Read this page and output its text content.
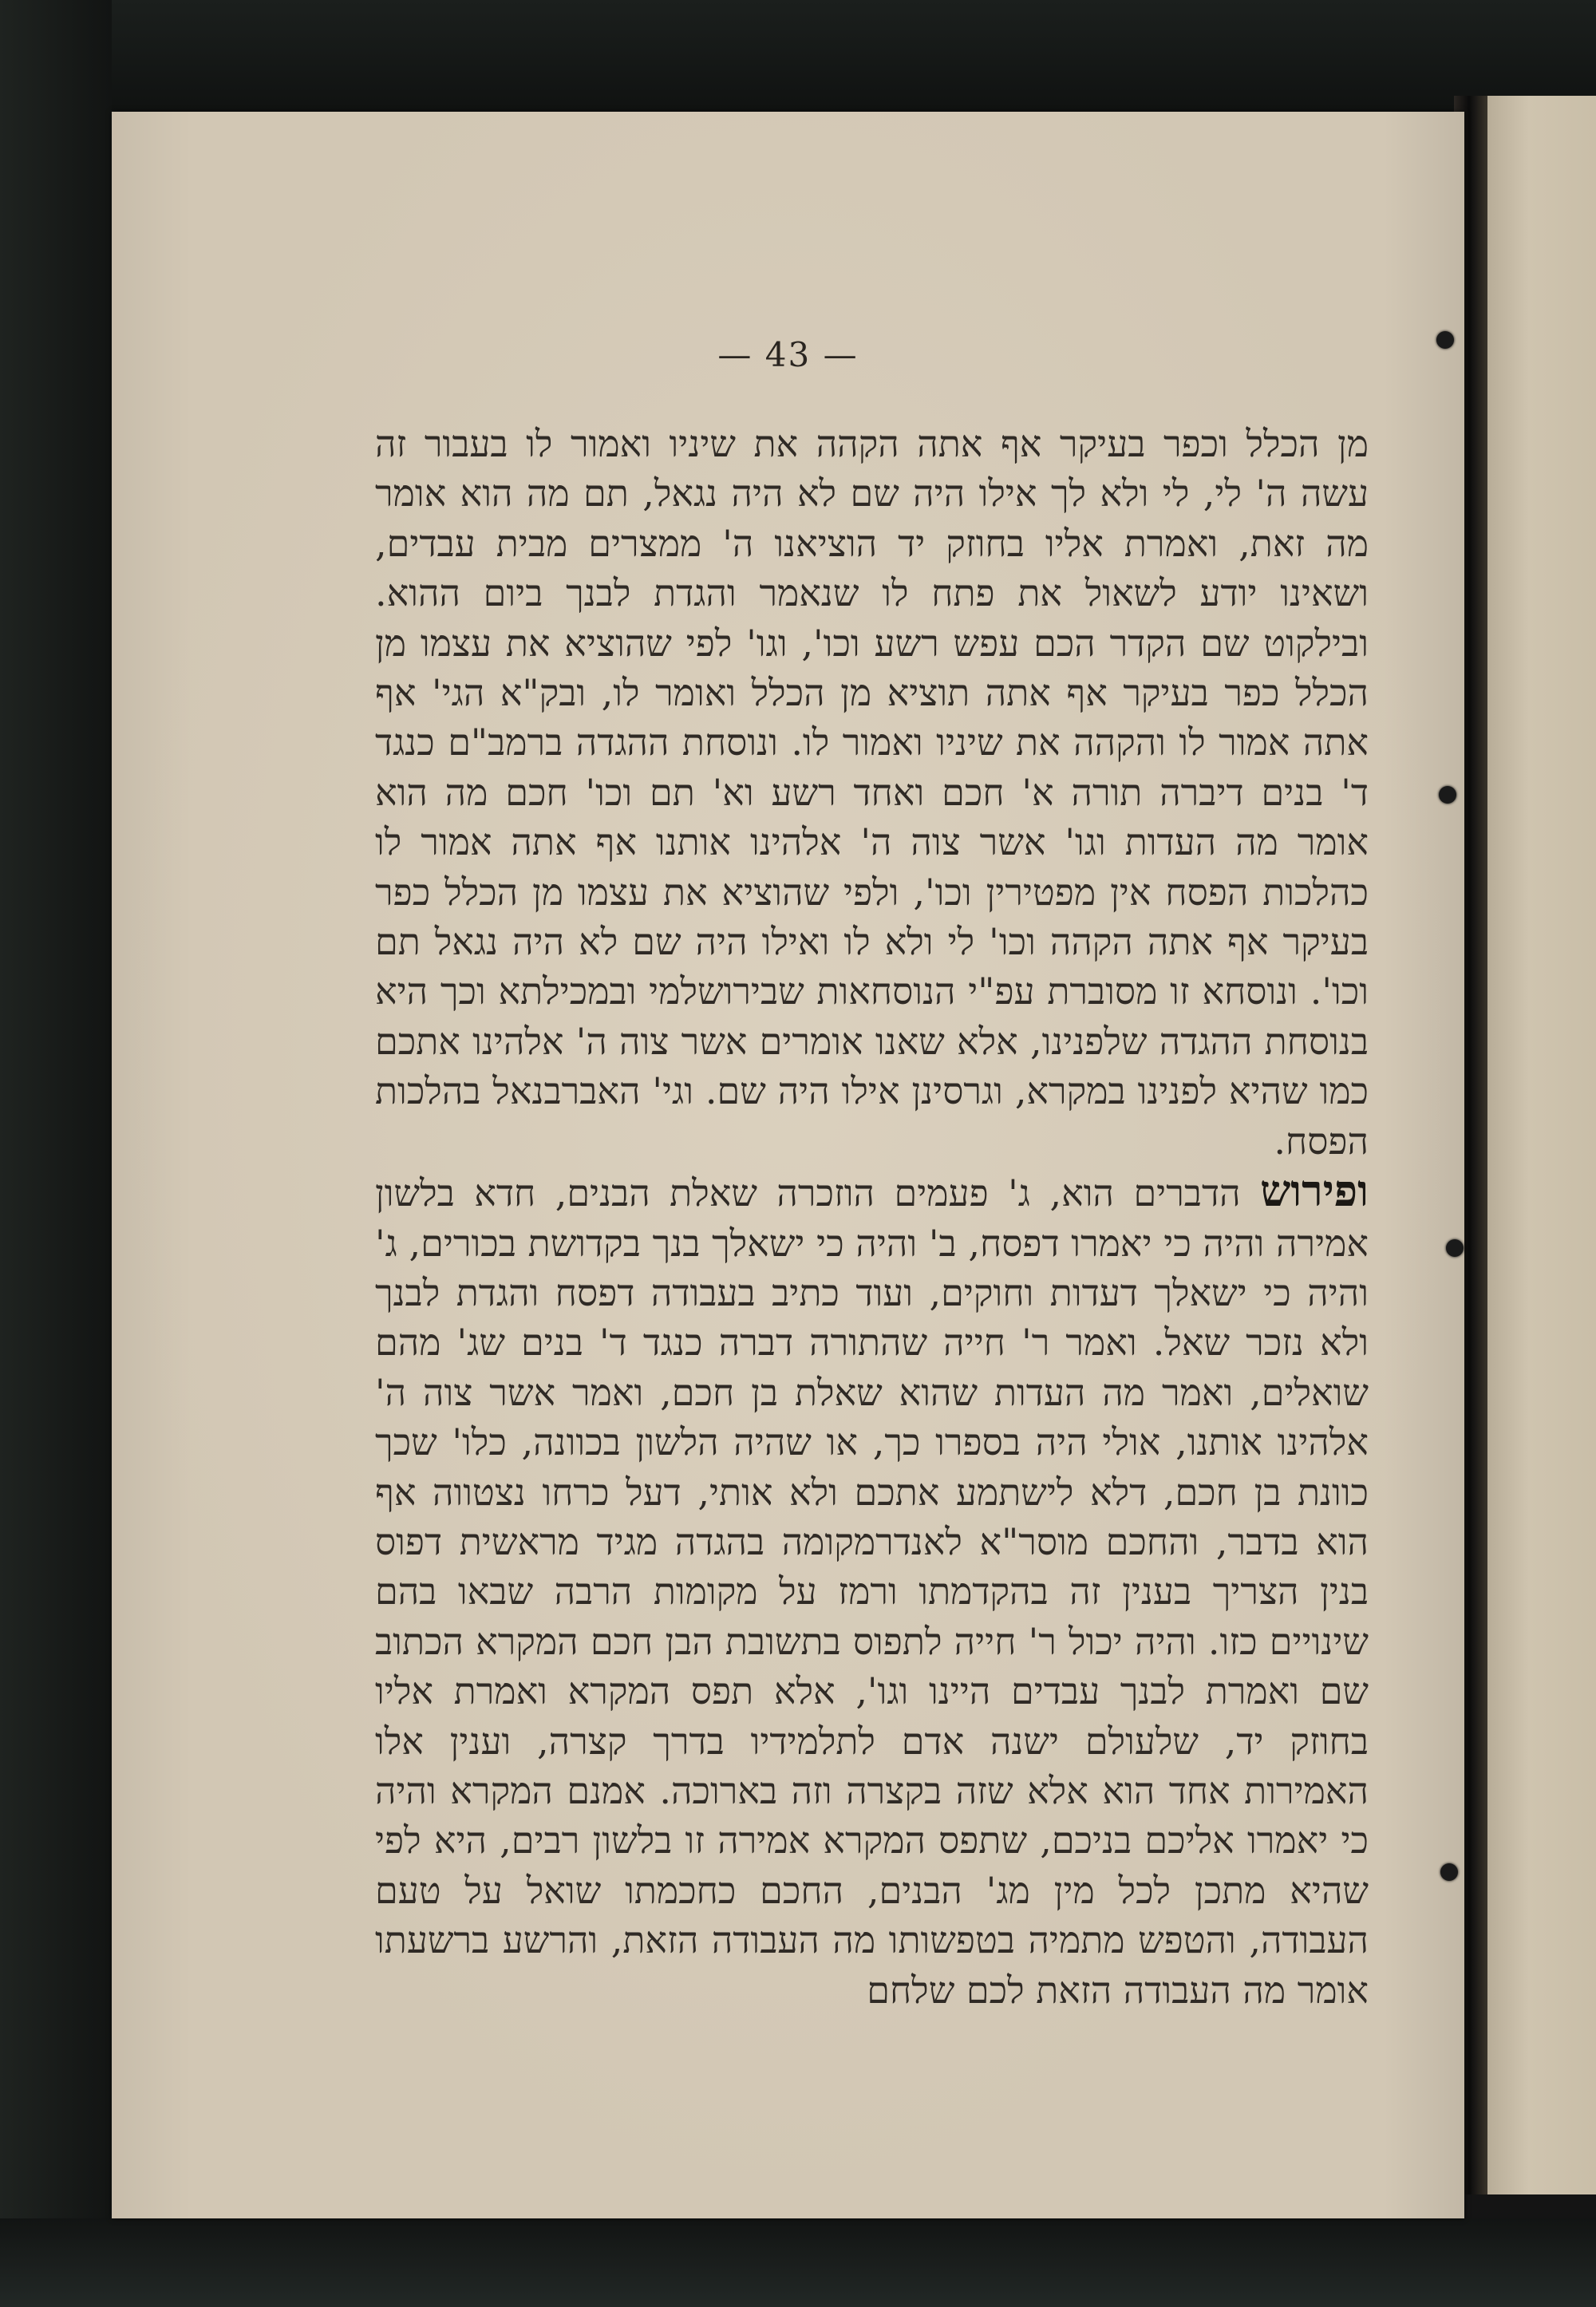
— 43 —

מן הכלל וכפר בעיקר אף אתה הקהה את שיניו ואמור לו בעבור זה עשה ה' לי, לי ולא לך אילו היה שם לא היה נגאל, תם מה הוא אומר מה זאת, ואמרת אליו בחוזק יד הוציאנו ה' ממצרים מבית עבדים, ושאינו יודע לשאול את פתח לו שנאמר והגדת לבנך ביום ההוא. ובילקוט שם הקדר הכם עפש רשע וכו', וגו' לפי שהוציא את עצמו מן הכלל כפר בעיקר אף אתה תוציא מן הכלל ואומר לו, ובק"א הגי' אף אתה אמור לו והקהה את שיניו ואמור לו. ונוסחת ההגדה ברמב"ם כנגד ד' בנים דיברה תורה א' חכם ואחד רשע וא' תם וכו' חכם מה הוא אומר מה העדות וגו' אשר צוה ה' אלהינו אותנו אף אתה אמור לו כהלכות הפסח אין מפטירין וכו', ולפי שהוציא את עצמו מן הכלל כפר בעיקר אף אתה הקהה וכו' לי ולא לו ואילו היה שם לא היה נגאל תם וכו'. ונוסחא זו מסוברת עפ"י הנוסחאות שבירושלמי ובמכילתא וכך היא בנוסחת ההגדה שלפנינו, אלא שאנו אומרים אשר צוה ה' אלהינו אתכם כמו שהיא לפנינו במקרא, וגרסינן אילו היה שם. וגי' האברבנאל בהלכות הפסח.

ופירוש הדברים הוא, ג' פעמים הוזכרה שאלת הבנים, חדא בלשון אמירה והיה כי יאמרו דפסח, ב' והיה כי ישאלך בנך בקדושת בכורים, ג' והיה כי ישאלך דעדות וחוקים, ועוד כתיב בעבודה דפסח והגדת לבנך ולא נזכר שאל. ואמר ר' חייה שהתורה דברה כנגד ד' בנים שג' מהם שואלים, ואמר מה העדות שהוא שאלת בן חכם, ואמר אשר צוה ה' אלהינו אותנו, אולי היה בספרו כך, או שהיה הלשון בכוונה, כלו' שכך כוונת בן חכם, דלא לישתמע אתכם ולא אותי, דעל כרחו נצטווה אף הוא בדבר, והחכם מוסר"א לאנדרמקומה בהגדה מגיד מראשית דפוס בנין הצריך בענין זה בהקדמתו ורמז על מקומות הרבה שבאו בהם שינויים כזו. והיה יכול ר' חייה לתפוס בתשובת הבן חכם המקרא הכתוב שם ואמרת לבנך עבדים היינו וגו', אלא תפס המקרא ואמרת אליו בחוזק יד, שלעולם ישנה אדם לתלמידיו בדרך קצרה, וענין אלו האמירות אחד הוא אלא שזה בקצרה וזה בארוכה. אמנם המקרא והיה כי יאמרו אליכם בניכם, שתפס המקרא אמירה זו בלשון רבים, היא לפי שהיא מתכן לכל מין מג' הבנים, החכם כחכמתו שואל על טעם העבודה, והטפש מתמיה בטפשותו מה העבודה הזאת, והרשע ברשעתו אומר מה העבודה הזאת לכם שלחם
